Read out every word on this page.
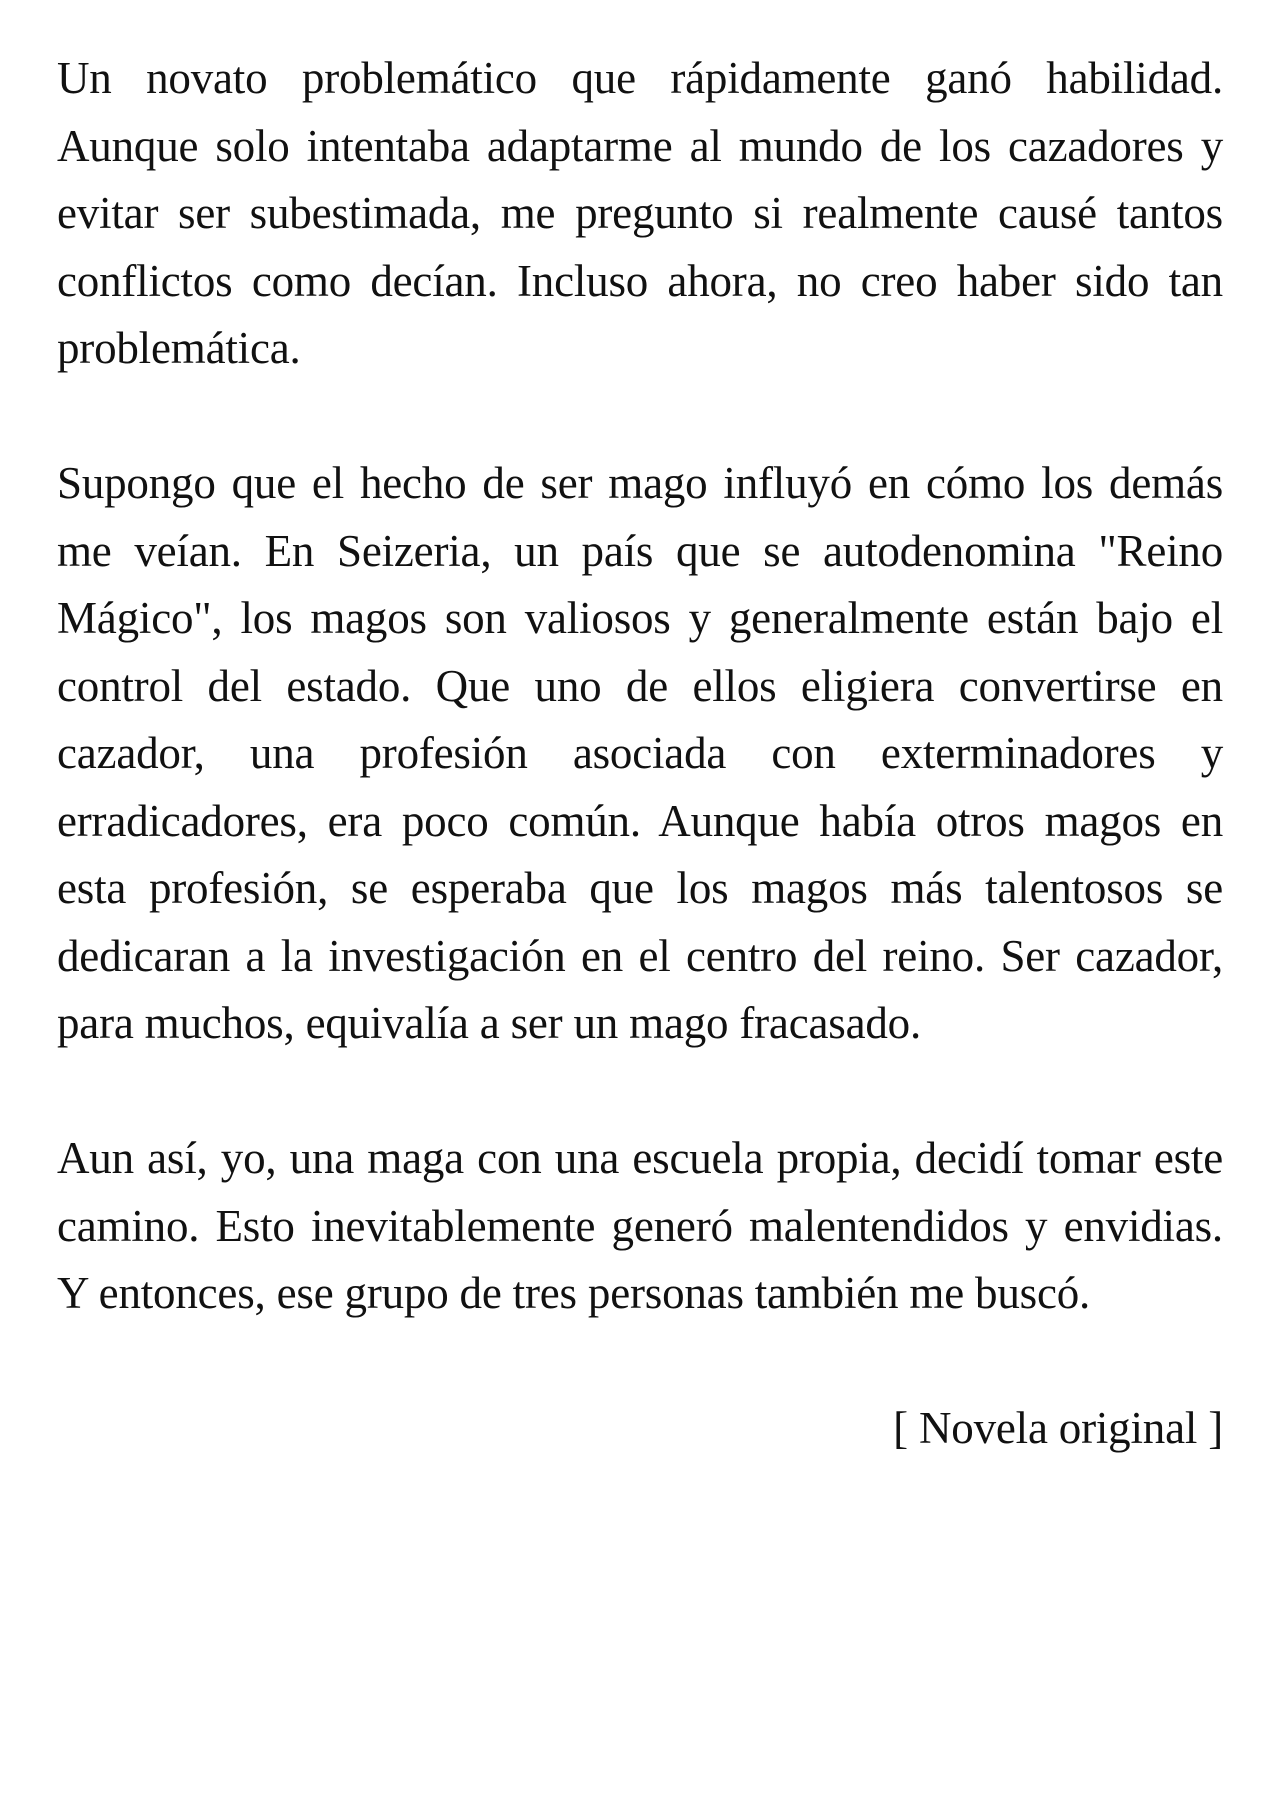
Un novato problemático que rápidamente ganó habilidad. Aunque solo intentaba adaptarme al mundo de los cazadores y evitar ser subestimada, me pregunto si realmente causé tantos conflictos como decían. Incluso ahora, no creo haber sido tan problemática.

Supongo que el hecho de ser mago influyó en cómo los demás me veían. En Seizeria, un país que se autodenomina "Reino Mágico", los magos son valiosos y generalmente están bajo el control del estado. Que uno de ellos eligiera convertirse en cazador, una profesión asociada con exterminadores y erradicadores, era poco común. Aunque había otros magos en esta profesión, se esperaba que los magos más talentosos se dedicaran a la investigación en el centro del reino. Ser cazador, para muchos, equivalía a ser un mago fracasado.

Aun así, yo, una maga con una escuela propia, decidí tomar este camino. Esto inevitablemente generó malentendidos y envidias. Y entonces, ese grupo de tres personas también me buscó.

[ Novela original ]
